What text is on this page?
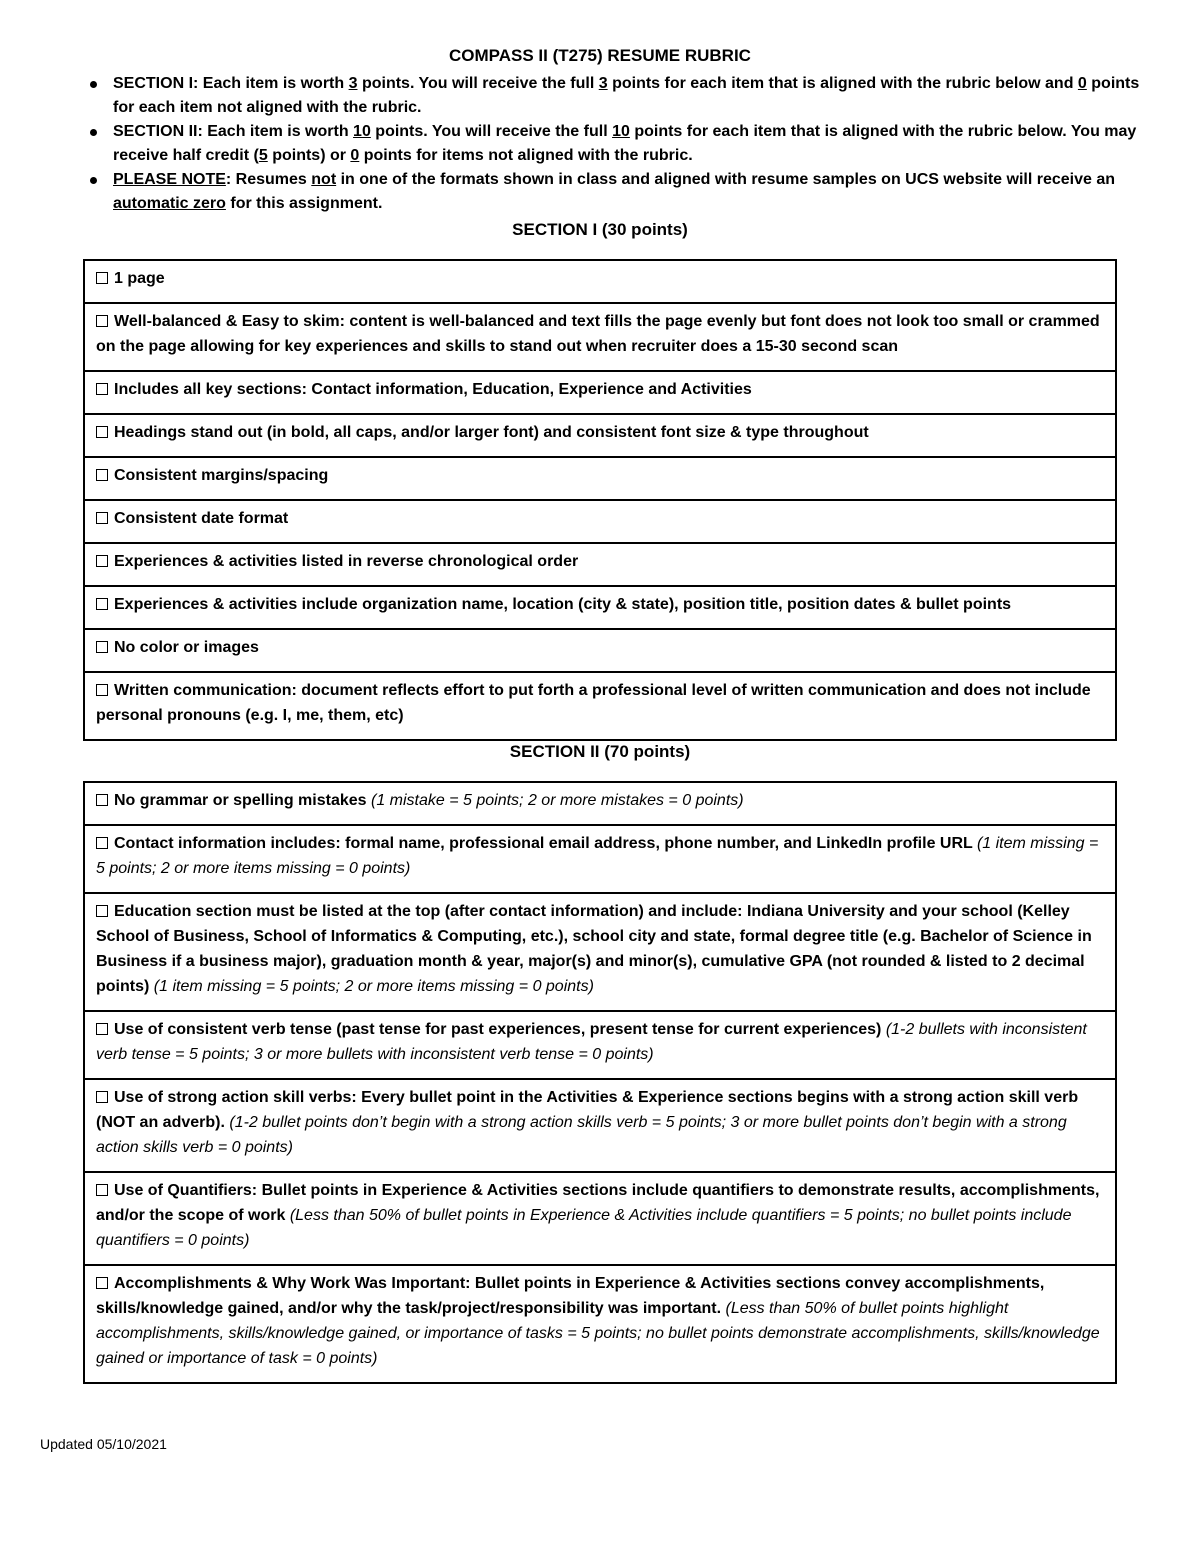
COMPASS II (T275) RESUME RUBRIC
SECTION I: Each item is worth 3 points. You will receive the full 3 points for each item that is aligned with the rubric below and 0 points for each item not aligned with the rubric.
SECTION II: Each item is worth 10 points. You will receive the full 10 points for each item that is aligned with the rubric below. You may receive half credit (5 points) or 0 points for items not aligned with the rubric.
PLEASE NOTE: Resumes not in one of the formats shown in class and aligned with resume samples on UCS website will receive an automatic zero for this assignment.
SECTION I (30 points)
1 page
Well-balanced & Easy to skim: content is well-balanced and text fills the page evenly but font does not look too small or crammed on the page allowing for key experiences and skills to stand out when recruiter does a 15-30 second scan
Includes all key sections: Contact information, Education, Experience and Activities
Headings stand out (in bold, all caps, and/or larger font) and consistent font size & type throughout
Consistent margins/spacing
Consistent date format
Experiences & activities listed in reverse chronological order
Experiences & activities include organization name, location (city & state), position title, position dates & bullet points
No color or images
Written communication: document reflects effort to put forth a professional level of written communication and does not include personal pronouns (e.g. I, me, them, etc)
SECTION II (70 points)
No grammar or spelling mistakes (1 mistake = 5 points; 2 or more mistakes = 0 points)
Contact information includes: formal name, professional email address, phone number, and LinkedIn profile URL (1 item missing = 5 points; 2 or more items missing = 0 points)
Education section must be listed at the top (after contact information) and include: Indiana University and your school (Kelley School of Business, School of Informatics & Computing, etc.), school city and state, formal degree title (e.g. Bachelor of Science in Business if a business major), graduation month & year, major(s) and minor(s), cumulative GPA (not rounded & listed to 2 decimal points) (1 item missing = 5 points; 2 or more items missing = 0 points)
Use of consistent verb tense (past tense for past experiences, present tense for current experiences) (1-2 bullets with inconsistent verb tense = 5 points; 3 or more bullets with inconsistent verb tense = 0 points)
Use of strong action skill verbs: Every bullet point in the Activities & Experience sections begins with a strong action skill verb (NOT an adverb). (1-2 bullet points don’t begin with a strong action skills verb = 5 points; 3 or more bullet points don’t begin with a strong action skills verb = 0 points)
Use of Quantifiers: Bullet points in Experience & Activities sections include quantifiers to demonstrate results, accomplishments, and/or the scope of work (Less than 50% of bullet points in Experience & Activities include quantifiers = 5 points; no bullet points include quantifiers = 0 points)
Accomplishments & Why Work Was Important: Bullet points in Experience & Activities sections convey accomplishments, skills/knowledge gained, and/or why the task/project/responsibility was important. (Less than 50% of bullet points highlight accomplishments, skills/knowledge gained, or importance of tasks = 5 points; no bullet points demonstrate accomplishments, skills/knowledge gained or importance of task = 0 points)
Updated 05/10/2021
